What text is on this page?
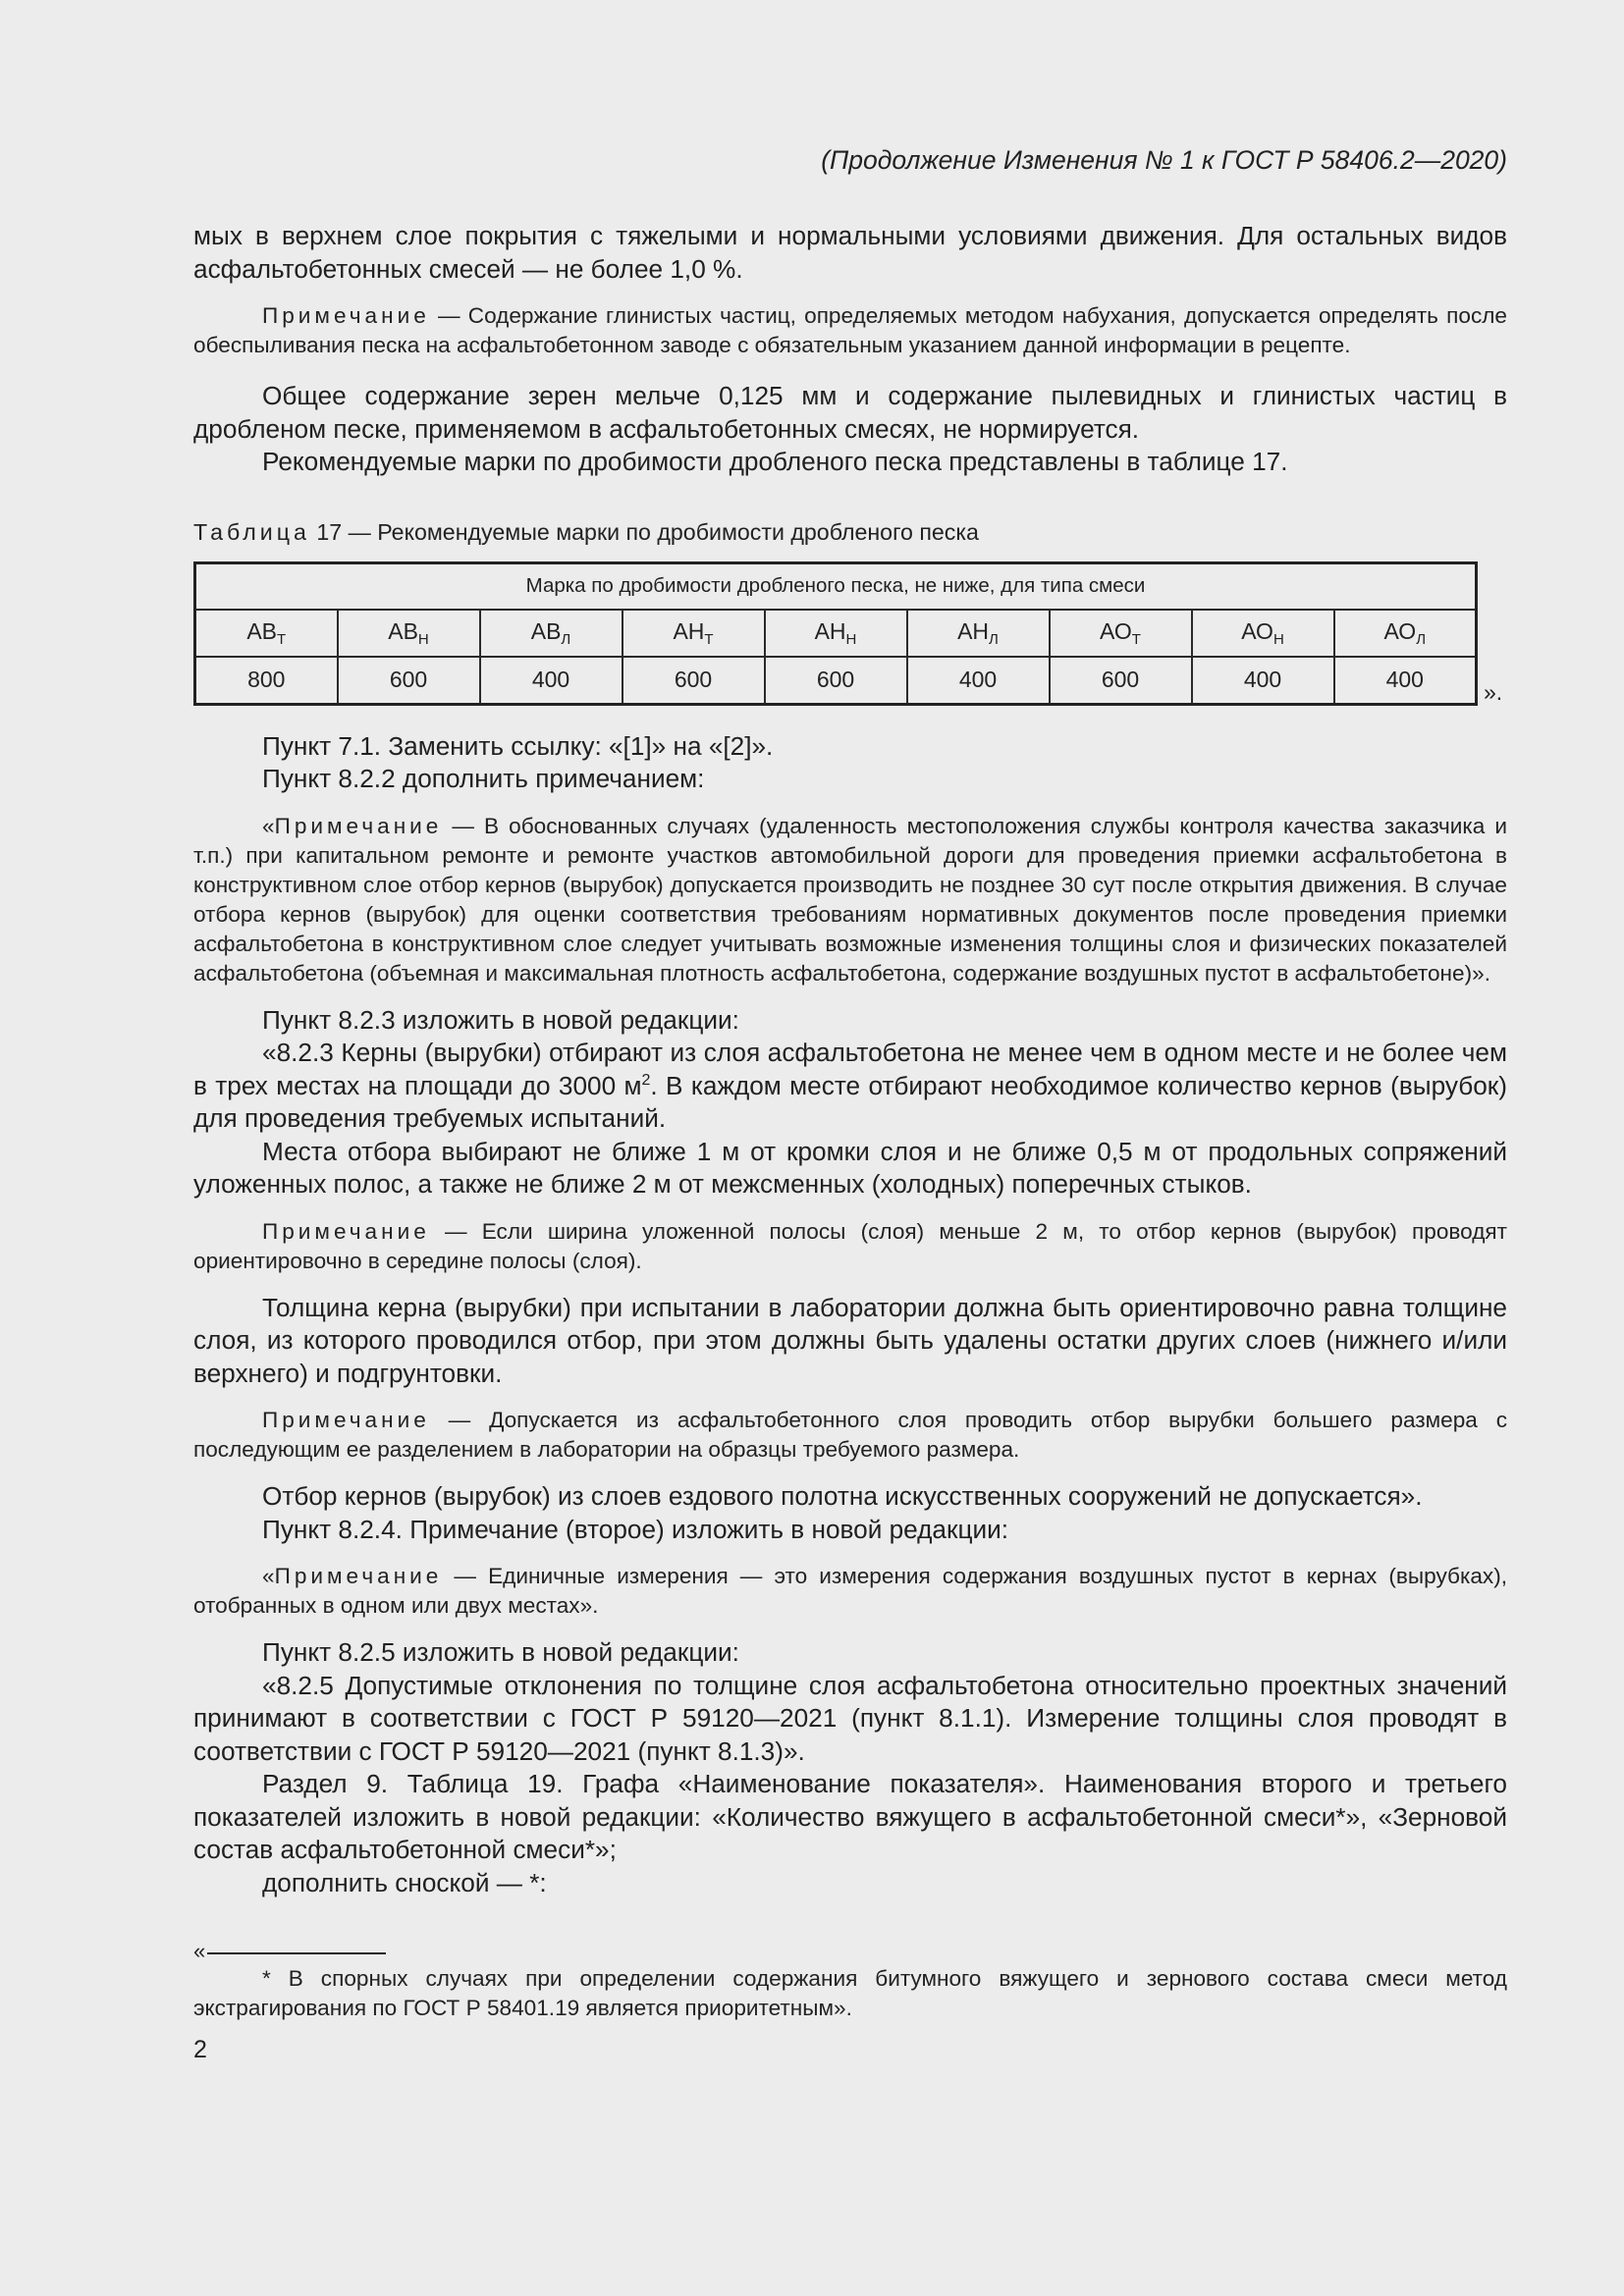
(Продолжение Изменения № 1 к ГОСТ Р 58406.2—2020)

мых в верхнем слое покрытия с тяжелыми и нормальными условиями движения. Для остальных видов асфальтобетонных смесей — не более 1,0 %.

Примечание — Содержание глинистых частиц, определяемых методом набухания, допускается определять после обеспыливания песка на асфальтобетонном заводе с обязательным указанием данной информации в рецепте.

Общее содержание зерен мельче 0,125 мм и содержание пылевидных и глинистых частиц в дробленом песке, применяемом в асфальтобетонных смесях, не нормируется.

Рекомендуемые марки по дробимости дробленого песка представлены в таблице 17.

Таблица 17 — Рекомендуемые марки по дробимости дробленого песка
Марка по дробимости дробленого песка, не ниже, для типа смеси								
$АВ_Т$	$АВ_Н$	$АВ_Л$	$АН_Т$	$АН_Н$	$АН_Л$	$АО_Т$	$АО_Н$	$АО_Л$
800	600	400	600	600	400	600	400	400	».

Пункт 7.1. Заменить ссылку: «[1]» на «[2]».

Пункт 8.2.2 дополнить примечанием:

«Примечание — В обоснованных случаях (удаленность местоположения службы контроля качества заказчика и т.п.) при капитальном ремонте и ремонте участков автомобильной дороги для проведения приемки асфальтобетона в конструктивном слое отбор кернов (вырубок) допускается производить не позднее 30 сут после открытия движения. В случае отбора кернов (вырубок) для оценки соответствия требованиям нормативных документов после проведения приемки асфальтобетона в конструктивном слое следует учитывать возможные изменения толщины слоя и физических показателей асфальтобетона (объемная и максимальная плотность асфальтобетона, содержание воздушных пустот в асфальтобетоне)».

Пункт 8.2.3 изложить в новой редакции:

«8.2.3 Керны (вырубки) отбирают из слоя асфальтобетона не менее чем в одном месте и не более чем в трех местах на площади до 3000 $м^2$. В каждом месте отбирают необходимое количество кернов (вырубок) для проведения требуемых испытаний.

Места отбора выбирают не ближе 1 м от кромки слоя и не ближе 0,5 м от продольных сопряжений уложенных полос, а также не ближе 2 м от межсменных (холодных) поперечных стыков.

Примечание — Если ширина уложенной полосы (слоя) меньше 2 м, то отбор кернов (вырубок) проводят ориентировочно в середине полосы (слоя).

Толщина керна (вырубки) при испытании в лаборатории должна быть ориентировочно равна толщине слоя, из которого проводился отбор, при этом должны быть удалены остатки других слоев (нижнего и/или верхнего) и подгрунтовки.

Примечание — Допускается из асфальтобетонного слоя проводить отбор вырубки большего размера с последующим ее разделением в лаборатории на образцы требуемого размера.

Отбор кернов (вырубок) из слоев ездового полотна искусственных сооружений не допускается».

Пункт 8.2.4. Примечание (второе) изложить в новой редакции:

«Примечание — Единичные измерения — это измерения содержания воздушных пустот в кернах (вырубках), отобранных в одном или двух местах».

Пункт 8.2.5 изложить в новой редакции:

«8.2.5 Допустимые отклонения по толщине слоя асфальтобетона относительно проектных значений принимают в соответствии с ГОСТ Р 59120—2021 (пункт 8.1.1). Измерение толщины слоя проводят в соответствии с ГОСТ Р 59120—2021 (пункт 8.1.3)».

Раздел 9. Таблица 19. Графа «Наименование показателя». Наименования второго и третьего показателей изложить в новой редакции: «Количество вяжущего в асфальтобетонной смеси*», «Зерновой состав асфальтобетонной смеси*»;

дополнить сноской — *:

«

* В спорных случаях при определении содержания битумного вяжущего и зернового состава смеси метод экстрагирования по ГОСТ Р 58401.19 является приоритетным».

2
